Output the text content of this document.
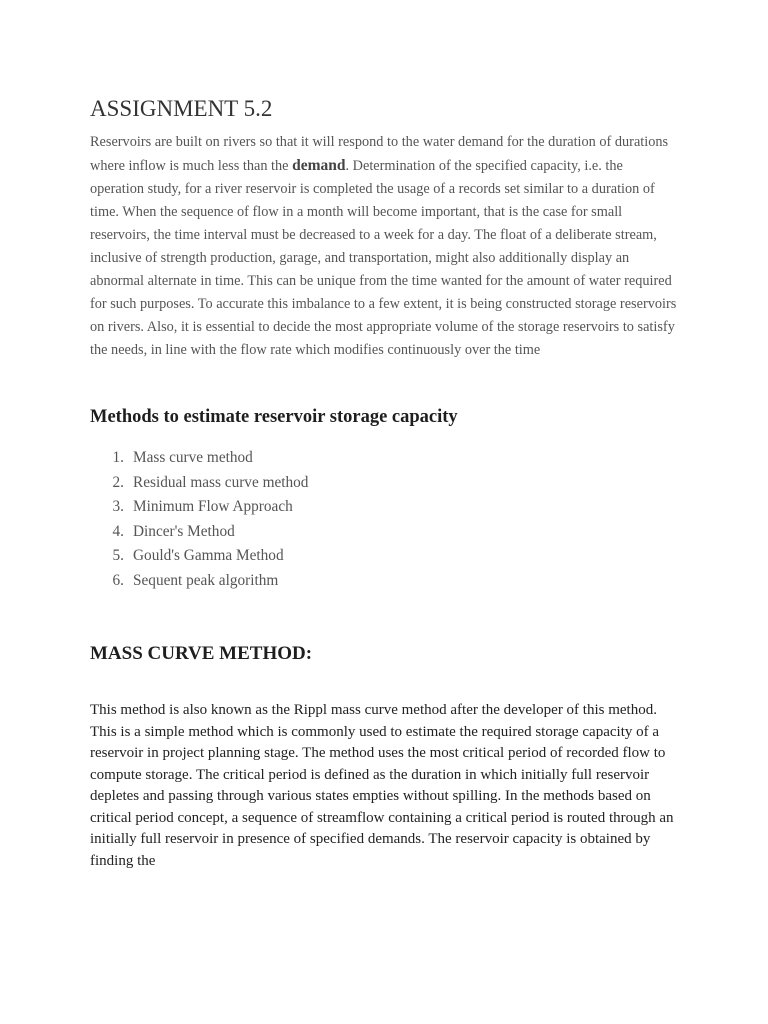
ASSIGNMENT 5.2

Reservoirs are built on rivers so that it will respond to the water demand for the duration of durations where inflow is much less than the demand. Determination of the specified capacity, i.e. the operation study, for a river reservoir is completed the usage of a records set similar to a duration of time. When the sequence of flow in a month will become important, that is the case for small reservoirs, the time interval must be decreased to a week for a day. The float of a deliberate stream, inclusive of strength production, garage, and transportation, might also additionally display an abnormal alternate in time. This can be unique from the time wanted for the amount of water required for such purposes. To accurate this imbalance to a few extent, it is being constructed storage reservoirs on rivers. Also, it is essential to decide the most appropriate volume of the storage reservoirs to satisfy the needs, in line with the flow rate which modifies continuously over the time

Methods to estimate reservoir storage capacity
1. Mass curve method
2. Residual mass curve method
3. Minimum Flow Approach
4. Dincer's Method
5. Gould's Gamma Method
6. Sequent peak algorithm
MASS CURVE METHOD:

This method is also known as the Rippl mass curve method after the developer of this method. This is a simple method which is commonly used to estimate the required storage capacity of a reservoir in project planning stage. The method uses the most critical period of recorded flow to compute storage. The critical period is defined as the duration in which initially full reservoir depletes and passing through various states empties without spilling. In the methods based on critical period concept, a sequence of streamflow containing a critical period is routed through an initially full reservoir in presence of specified demands. The reservoir capacity is obtained by finding the
